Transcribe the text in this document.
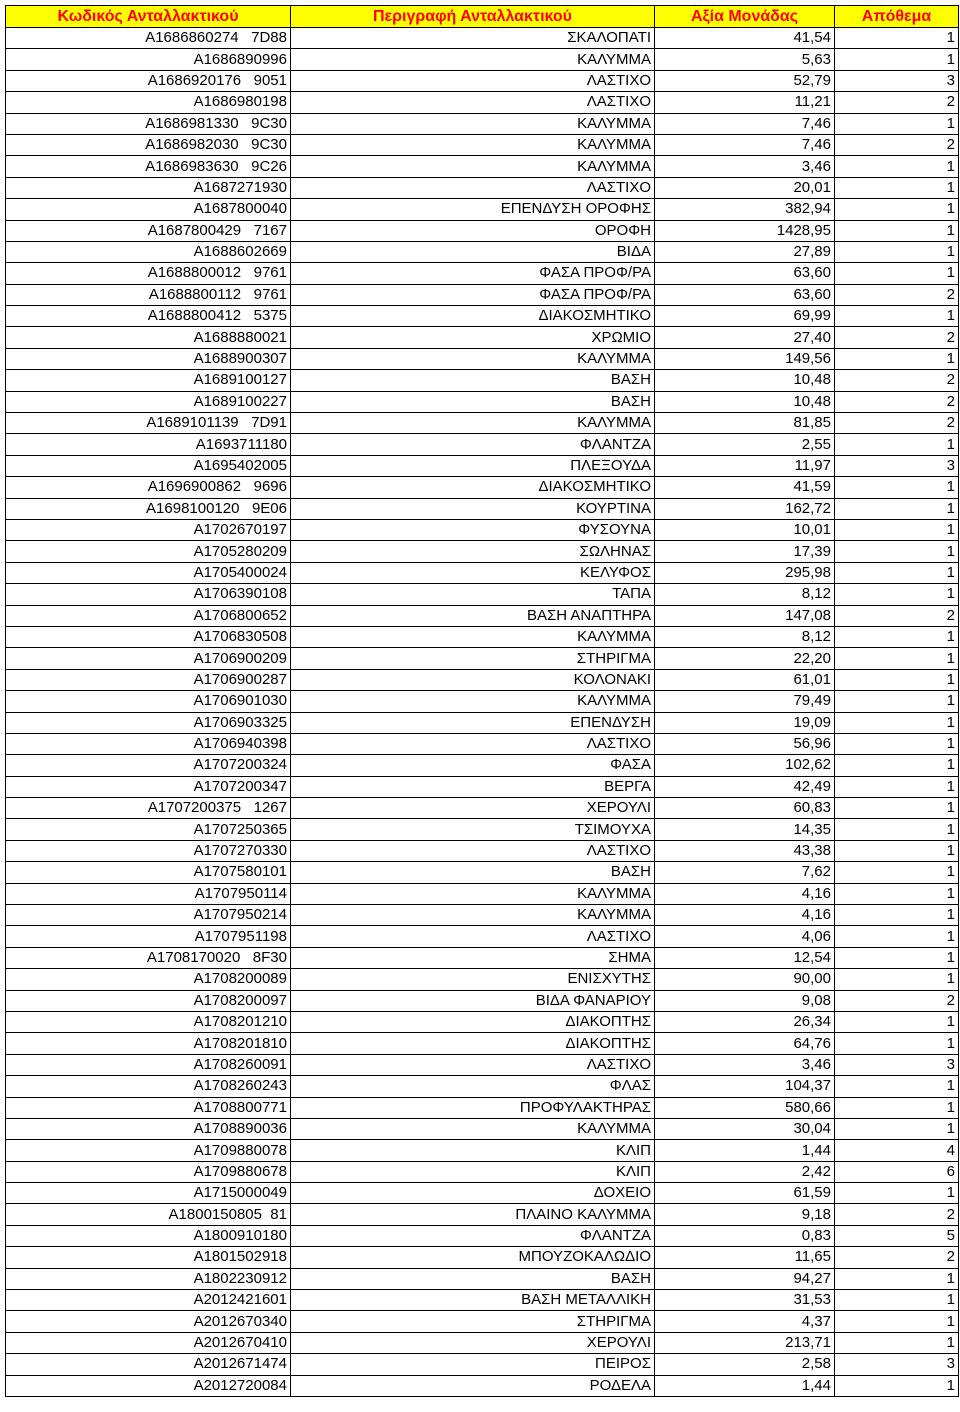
Κωδικός Ανταλλακτικού	Περιγραφή Ανταλλακτικού	Αξία Μονάδας	Απόθεμα
A1686860274   7D88	ΣΚΑΛΟΠΑΤΙ	41,54	1
A1686890996	ΚΑΛΥΜΜΑ	5,63	1
A1686920176   9051	ΛΑΣΤΙΧΟ	52,79	3
A1686980198	ΛΑΣΤΙΧΟ	11,21	2
A1686981330   9C30	ΚΑΛΥΜΜΑ	7,46	1
A1686982030   9C30	ΚΑΛΥΜΜΑ	7,46	2
A1686983630   9C26	ΚΑΛΥΜΜΑ	3,46	1
A1687271930	ΛΑΣΤΙΧΟ	20,01	1
A1687800040	ΕΠΕΝΔΥΣΗ ΟΡΟΦΗΣ	382,94	1
A1687800429   7167	ΟΡΟΦΗ	1428,95	1
A1688602669	ΒΙΔΑ	27,89	1
A1688800012   9761	ΦΑΣΑ ΠΡΟΦ/ΡΑ	63,60	1
A1688800112   9761	ΦΑΣΑ ΠΡΟΦ/ΡΑ	63,60	2
A1688800412   5375	ΔΙΑΚΟΣΜΗΤΙΚΟ	69,99	1
A1688880021	ΧΡΩΜΙΟ	27,40	2
A1688900307	ΚΑΛΥΜΜΑ	149,56	1
A1689100127	ΒΑΣΗ	10,48	2
A1689100227	ΒΑΣΗ	10,48	2
A1689101139   7D91	ΚΑΛΥΜΜΑ	81,85	2
A1693711180	ΦΛΑΝΤΖΑ	2,55	1
A1695402005	ΠΛΕΞΟΥΔΑ	11,97	3
A1696900862   9696	ΔΙΑΚΟΣΜΗΤΙΚΟ	41,59	1
A1698100120   9E06	ΚΟΥΡΤΙΝΑ	162,72	1
A1702670197	ΦΥΣΟΥΝΑ	10,01	1
A1705280209	ΣΩΛΗΝΑΣ	17,39	1
A1705400024	ΚΕΛΥΦΟΣ	295,98	1
A1706390108	ΤΑΠΑ	8,12	1
A1706800652	ΒΑΣΗ ΑΝΑΠΤΗΡΑ	147,08	2
A1706830508	ΚΑΛΥΜΜΑ	8,12	1
A1706900209	ΣΤΗΡΙΓΜΑ	22,20	1
A1706900287	ΚΟΛΟΝΑΚΙ	61,01	1
A1706901030	ΚΑΛΥΜΜΑ	79,49	1
A1706903325	ΕΠΕΝΔΥΣΗ	19,09	1
A1706940398	ΛΑΣΤΙΧΟ	56,96	1
A1707200324	ΦΑΣΑ	102,62	1
A1707200347	ΒΕΡΓΑ	42,49	1
A1707200375   1267	ΧΕΡΟΥΛΙ	60,83	1
A1707250365	ΤΣΙΜΟΥΧΑ	14,35	1
A1707270330	ΛΑΣΤΙΧΟ	43,38	1
A1707580101	ΒΑΣΗ	7,62	1
A1707950114	ΚΑΛΥΜΜΑ	4,16	1
A1707950214	ΚΑΛΥΜΜΑ	4,16	1
A1707951198	ΛΑΣΤΙΧΟ	4,06	1
A1708170020   8F30	ΣΗΜΑ	12,54	1
A1708200089	ΕΝΙΣΧΥΤΗΣ	90,00	1
A1708200097	ΒΙΔΑ ΦΑΝΑΡΙΟΥ	9,08	2
A1708201210	ΔΙΑΚΟΠΤΗΣ	26,34	1
A1708201810	ΔΙΑΚΟΠΤΗΣ	64,76	1
A1708260091	ΛΑΣΤΙΧΟ	3,46	3
A1708260243	ΦΛΑΣ	104,37	1
A1708800771	ΠΡΟΦΥΛΑΚΤΗΡΑΣ	580,66	1
A1708890036	ΚΑΛΥΜΜΑ	30,04	1
A1709880078	ΚΛΙΠ	1,44	4
A1709880678	ΚΛΙΠ	2,42	6
A1715000049	ΔΟΧΕΙΟ	61,59	1
A1800150805  81	ΠΛΑΙΝΟ ΚΑΛΥΜΜΑ	9,18	2
A1800910180	ΦΛΑΝΤΖΑ	0,83	5
A1801502918	ΜΠΟΥΖΟΚΑΛΩΔΙΟ	11,65	2
A1802230912	ΒΑΣΗ	94,27	1
A2012421601	ΒΑΣΗ ΜΕΤΑΛΛΙΚΗ	31,53	1
A2012670340	ΣΤΗΡΙΓΜΑ	4,37	1
A2012670410	ΧΕΡΟΥΛΙ	213,71	1
A2012671474	ΠΕΙΡΟΣ	2,58	3
A2012720084	ΡΟΔΕΛΑ	1,44	1
